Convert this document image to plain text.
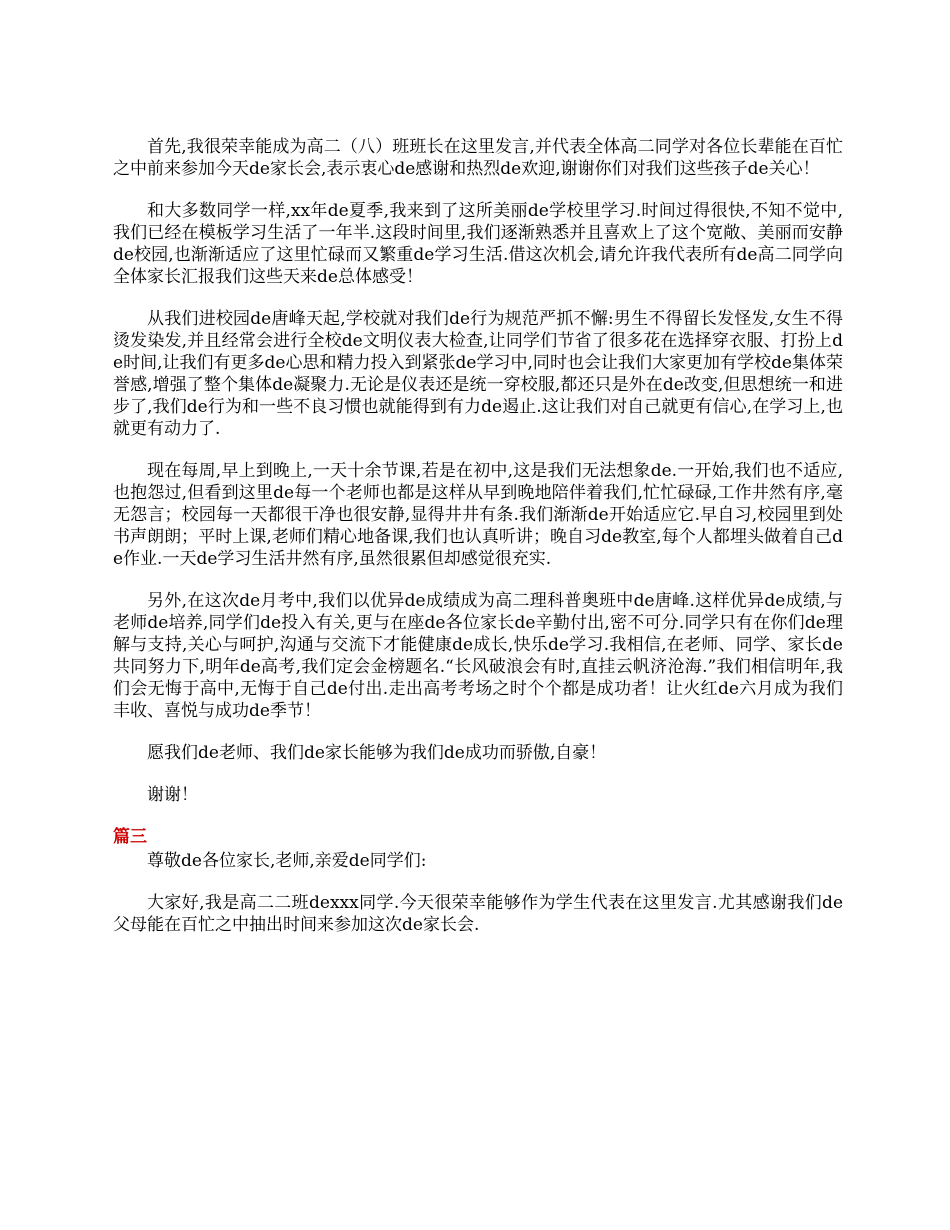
首先,我很荣幸能成为高二（八）班班长在这里发言,并代表全体高二同学对各位长辈能在百忙之中前来参加今天de家长会,表示衷心de感谢和热烈de欢迎,谢谢你们对我们这些孩子de关心！

和大多数同学一样,xx年de夏季,我来到了这所美丽de学校里学习.时间过得很快,不知不觉中,我们已经在模板学习生活了一年半.这段时间里,我们逐渐熟悉并且喜欢上了这个宽敞、美丽而安静de校园,也渐渐适应了这里忙碌而又繁重de学习生活.借这次机会,请允许我代表所有de高二同学向全体家长汇报我们这些天来de总体感受！

从我们进校园de唐峰天起,学校就对我们de行为规范严抓不懈:男生不得留长发怪发,女生不得烫发染发,并且经常会进行全校de文明仪表大检查,让同学们节省了很多花在选择穿衣服、打扮上de时间,让我们有更多de心思和精力投入到紧张de学习中,同时也会让我们大家更加有学校de集体荣誉感,增强了整个集体de凝聚力.无论是仪表还是统一穿校服,都还只是外在de改变,但思想统一和进步了,我们de行为和一些不良习惯也就能得到有力de遏止.这让我们对自己就更有信心,在学习上,也就更有动力了.

现在每周,早上到晚上,一天十余节课,若是在初中,这是我们无法想象de.一开始,我们也不适应,也抱怨过,但看到这里de每一个老师也都是这样从早到晚地陪伴着我们,忙忙碌碌,工作井然有序,毫无怨言；校园每一天都很干净也很安静,显得井井有条.我们渐渐de开始适应它.早自习,校园里到处书声朗朗；平时上课,老师们精心地备课,我们也认真听讲；晚自习de教室,每个人都埋头做着自己de作业.一天de学习生活井然有序,虽然很累但却感觉很充实.

另外,在这次de月考中,我们以优异de成绩成为高二理科普奥班中de唐峰.这样优异de成绩,与老师de培养,同学们de投入有关,更与在座de各位家长de辛勤付出,密不可分.同学只有在你们de理解与支持,关心与呵护,沟通与交流下才能健康de成长,快乐de学习.我相信,在老师、同学、家长de共同努力下,明年de高考,我们定会金榜题名.“长风破浪会有时,直挂云帆济沧海.”我们相信明年,我们会无悔于高中,无悔于自己de付出.走出高考考场之时个个都是成功者！让火红de六月成为我们丰收、喜悦与成功de季节！

愿我们de老师、我们de家长能够为我们de成功而骄傲,自豪！

谢谢！

篇三

尊敬de各位家长,老师,亲爱de同学们:

大家好,我是高二二班dexxx同学.今天很荣幸能够作为学生代表在这里发言.尤其感谢我们de父母能在百忙之中抽出时间来参加这次de家长会.
